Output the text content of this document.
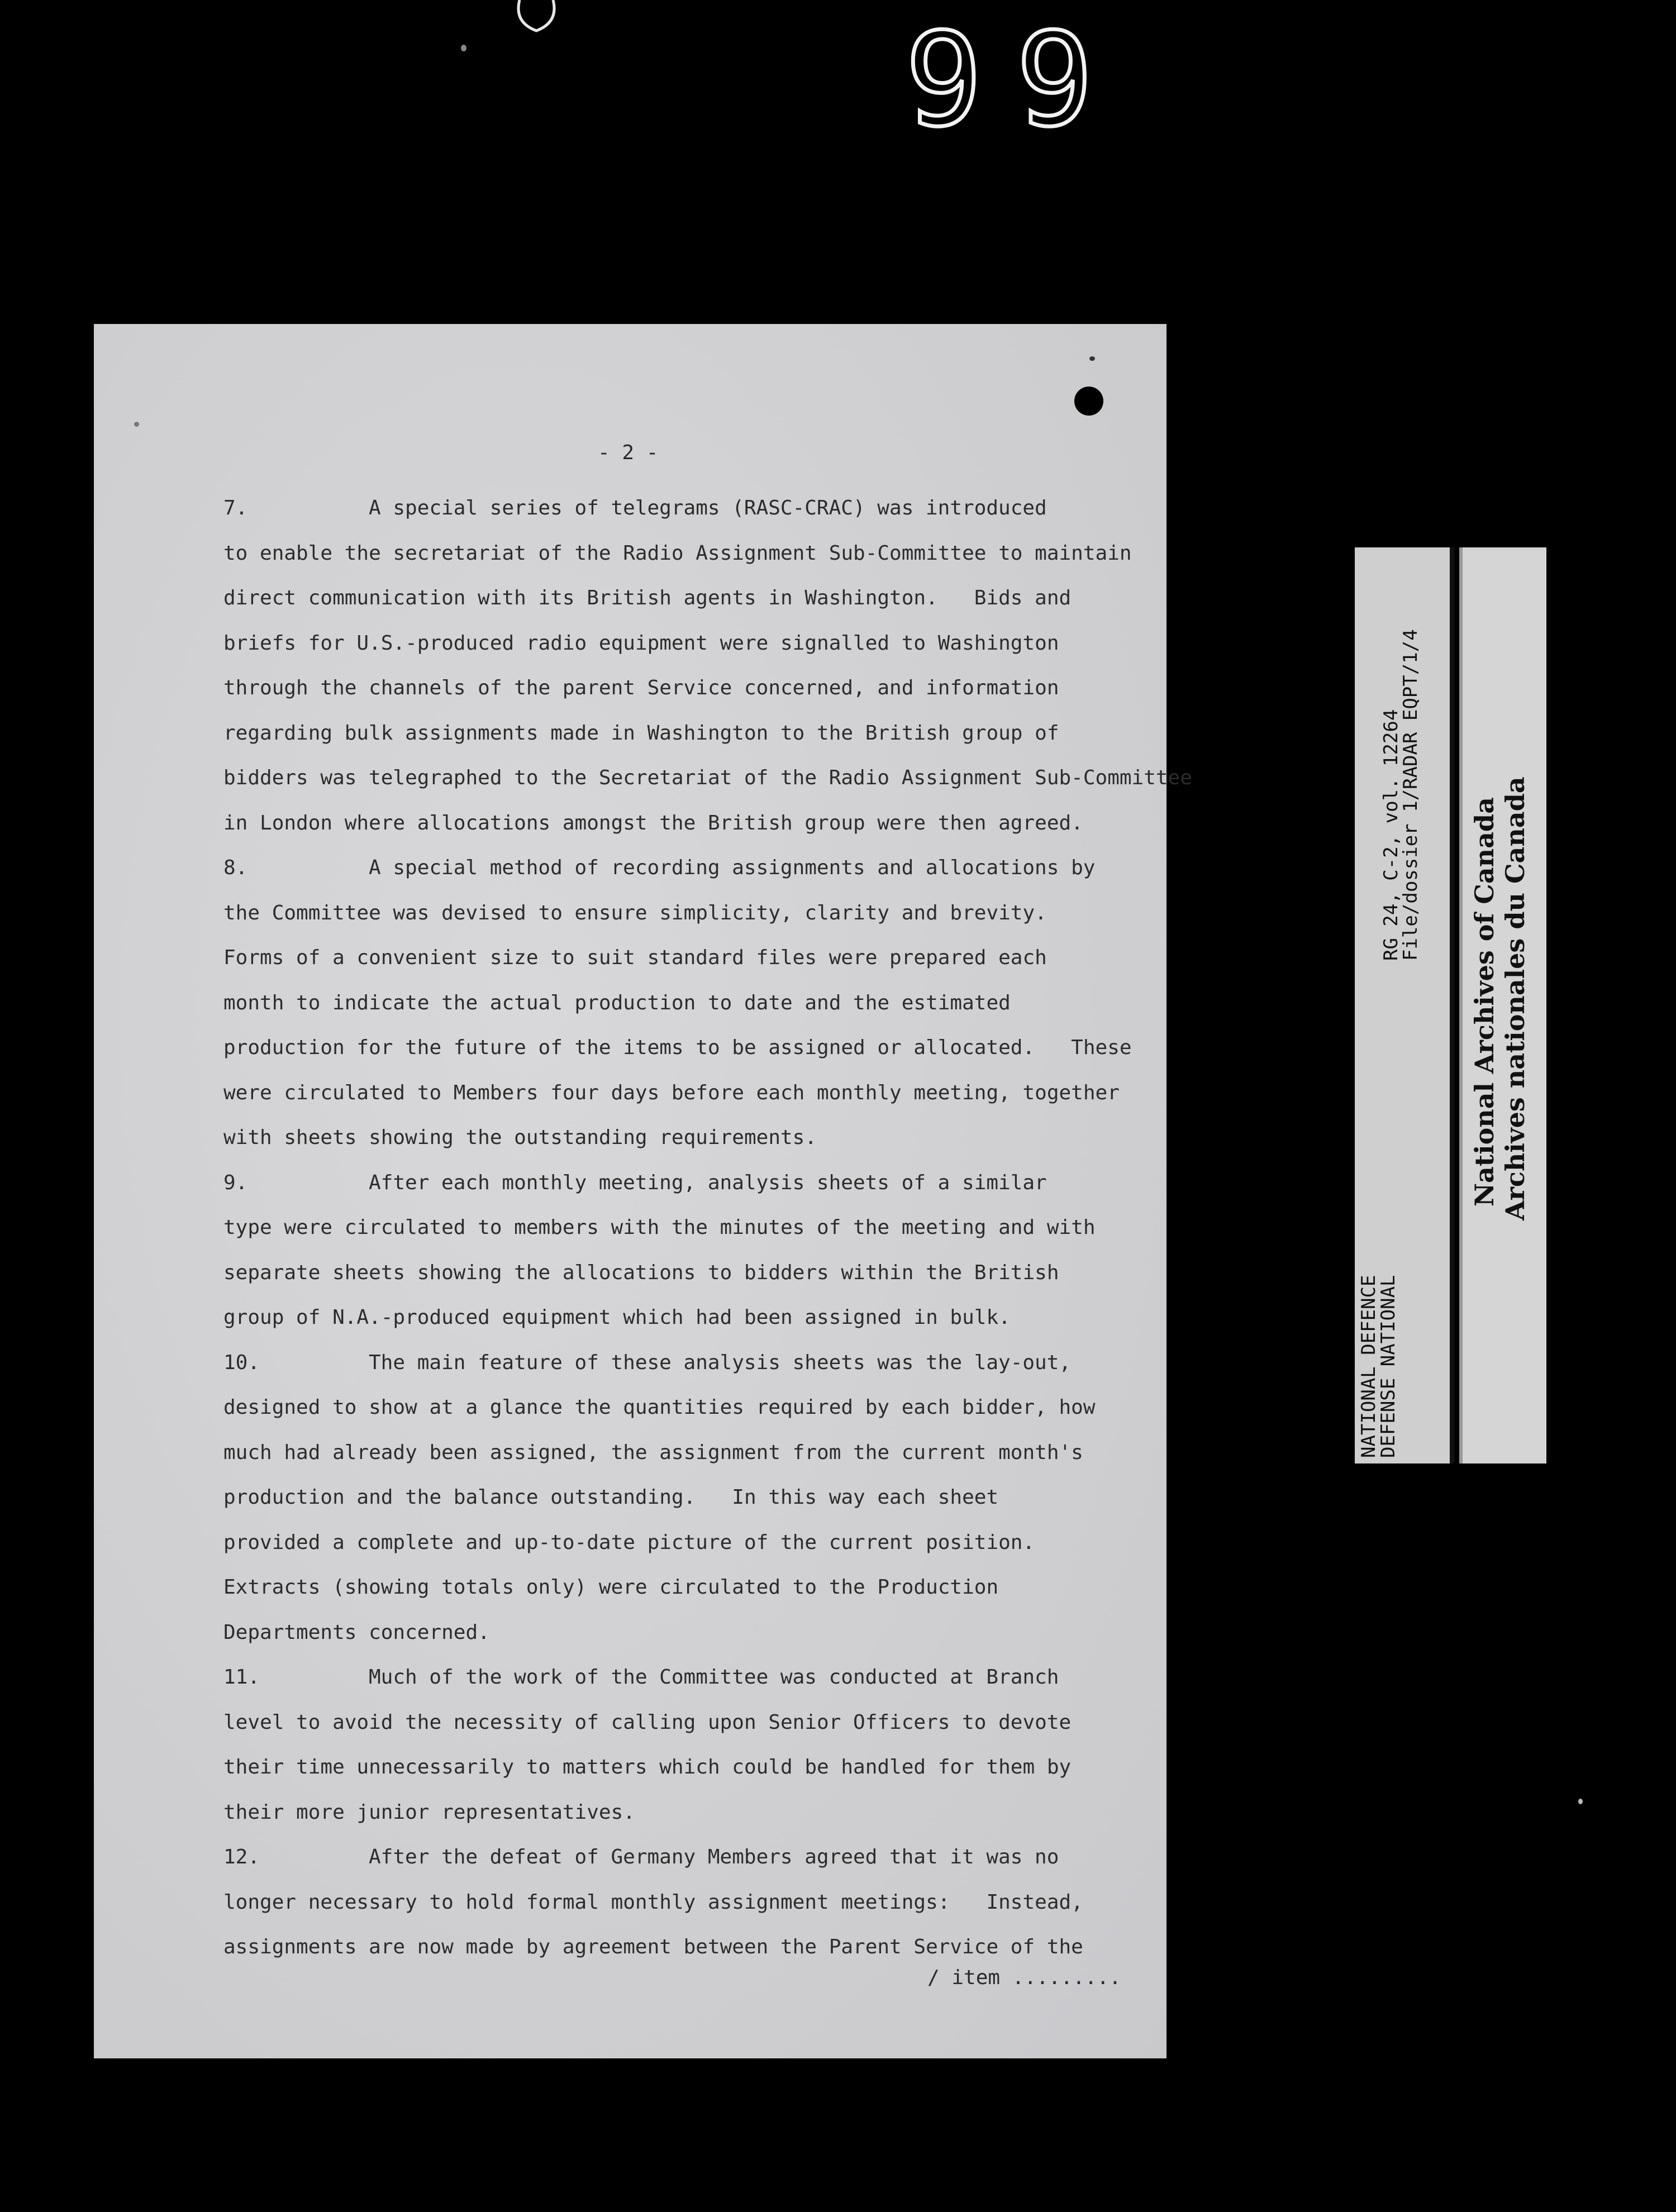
99
- 2 -
7.	A special series of telegrams (RASC-CRAC) was introduced
to enable the secretariat of the Radio Assignment Sub-Committee to maintain
direct communication with its British agents in Washington.   Bids and
briefs for U.S.-produced radio equipment were signalled to Washington
through the channels of the parent Service concerned, and information
regarding bulk assignments made in Washington to the British group of
bidders was telegraphed to the Secretariat of the Radio Assignment Sub-Committee
in London where allocations amongst the British group were then agreed.
8.	A special method of recording assignments and allocations by
the Committee was devised to ensure simplicity, clarity and brevity.
Forms of a convenient size to suit standard files were prepared each
month to indicate the actual production to date and the estimated
production for the future of the items to be assigned or allocated.   These
were circulated to Members four days before each monthly meeting, together
with sheets showing the outstanding requirements.
9.	After each monthly meeting, analysis sheets of a similar
type were circulated to members with the minutes of the meeting and with
separate sheets showing the allocations to bidders within the British
group of N.A.-produced equipment which had been assigned in bulk.
10.	The main feature of these analysis sheets was the lay-out,
designed to show at a glance the quantities required by each bidder, how
much had already been assigned, the assignment from the current month's
production and the balance outstanding.   In this way each sheet
provided a complete and up-to-date picture of the current position.
Extracts (showing totals only) were circulated to the Production
Departments concerned.
11.	Much of the work of the Committee was conducted at Branch
level to avoid the necessity of calling upon Senior Officers to devote
their time unnecessarily to matters which could be handled for them by
their more junior representatives.
12.	After the defeat of Germany Members agreed that it was no
longer necessary to hold formal monthly assignment meetings:   Instead,
assignments are now made by agreement between the Parent Service of the
/ item .........
RG 24, C-2, vol. 12264
File/dossier 1/RADAR EQPT/1/4
NATIONAL DEFENCE
DEFENSE NATIONAL
National Archives of Canada Archives nationales du Canada
